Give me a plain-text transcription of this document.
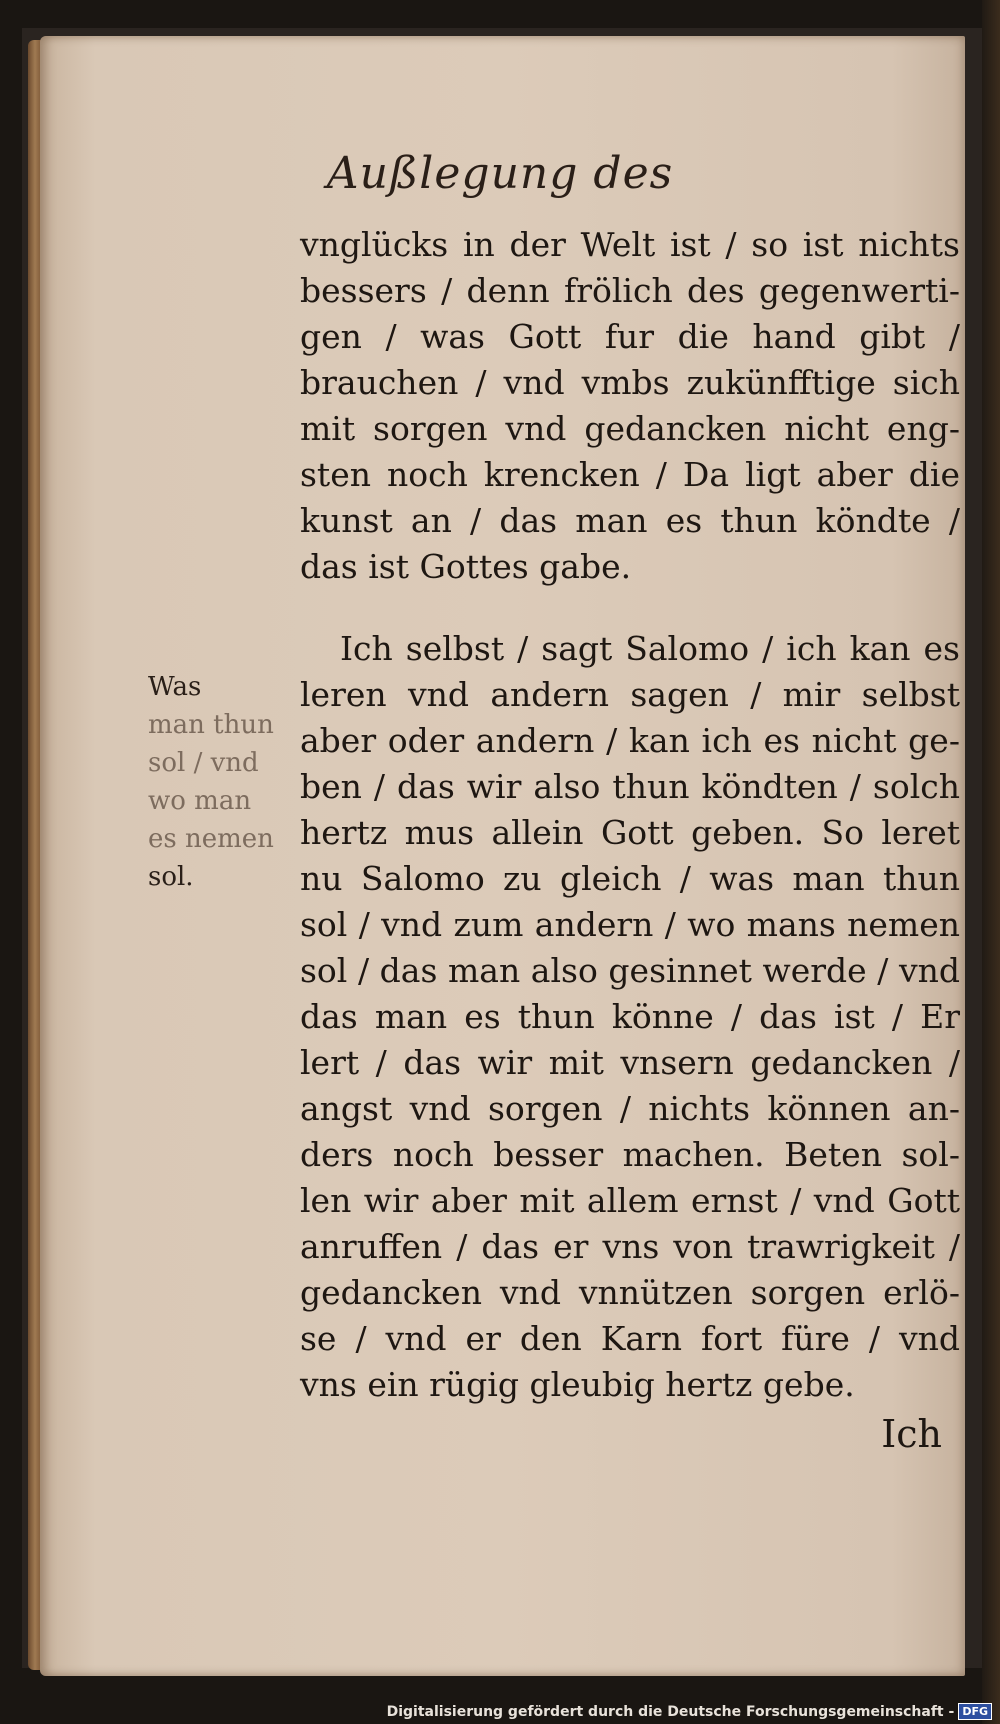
Außlegung des
Was
man thun
sol / vnd
wo man
es nemen
sol.
vnglücks in der Welt ist / so ist nichts
bessers / denn frölich des gegenwerti-
gen / was Gott fur die hand gibt /
brauchen / vnd vmbs zukünfftige sich
mit sorgen vnd gedancken nicht eng-
sten noch krencken / Da ligt aber die
kunst an / das man es thun köndte /
das ist Gottes gabe.
Ich selbst / sagt Salomo / ich kan es
leren vnd andern sagen / mir selbst
aber oder andern / kan ich es nicht ge-
ben / das wir also thun köndten / solch
hertz mus allein Gott geben. So leret
nu Salomo zu gleich / was man thun
sol / vnd zum andern / wo mans nemen
sol / das man also gesinnet werde / vnd
das man es thun könne / das ist / Er
lert / das wir mit vnsern gedancken /
angst vnd sorgen / nichts können an-
ders noch besser machen. Beten sol-
len wir aber mit allem ernst / vnd Gott
anruffen / das er vns von trawrigkeit /
gedancken vnd vnnützen sorgen erlö-
se / vnd er den Karn fort füre / vnd
vns ein rügig gleubig hertz gebe.
Ich
Digitalisierung gefördert durch die Deutsche Forschungsgemeinschaft - DFG
